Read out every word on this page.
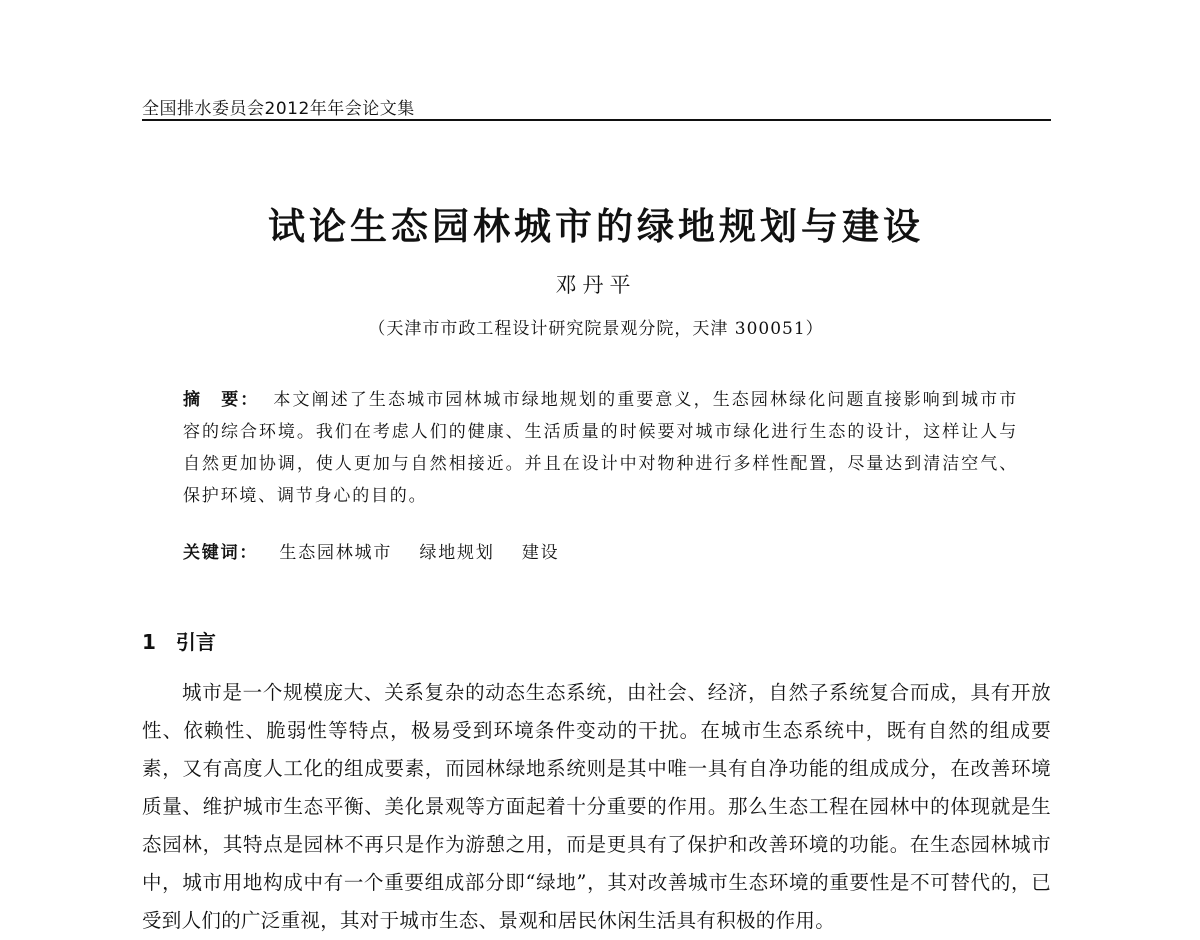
全国排水委员会2012年年会论文集
试论生态园林城市的绿地规划与建设
邓丹平
（天津市市政工程设计研究院景观分院，天津 300051）
摘　要： 本文阐述了生态城市园林城市绿地规划的重要意义，生态园林绿化问题直接影响到城市市容的综合环境。我们在考虑人们的健康、生活质量的时候要对城市绿化进行生态的设计，这样让人与自然更加协调，使人更加与自然相接近。并且在设计中对物种进行多样性配置，尽量达到清洁空气、保护环境、调节身心的目的。
关键词： 生态园林城市 绿地规划 建设
1 引言
城市是一个规模庞大、关系复杂的动态生态系统，由社会、经济，自然子系统复合而成，具有开放性、依赖性、脆弱性等特点，极易受到环境条件变动的干扰。在城市生态系统中，既有自然的组成要素，又有高度人工化的组成要素，而园林绿地系统则是其中唯一具有自净功能的组成成分，在改善环境质量、维护城市生态平衡、美化景观等方面起着十分重要的作用。那么生态工程在园林中的体现就是生态园林，其特点是园林不再只是作为游憩之用，而是更具有了保护和改善环境的功能。在生态园林城市中，城市用地构成中有一个重要组成部分即“绿地”，其对改善城市生态环境的重要性是不可替代的，已受到人们的广泛重视，其对于城市生态、景观和居民休闲生活具有积极的作用。
